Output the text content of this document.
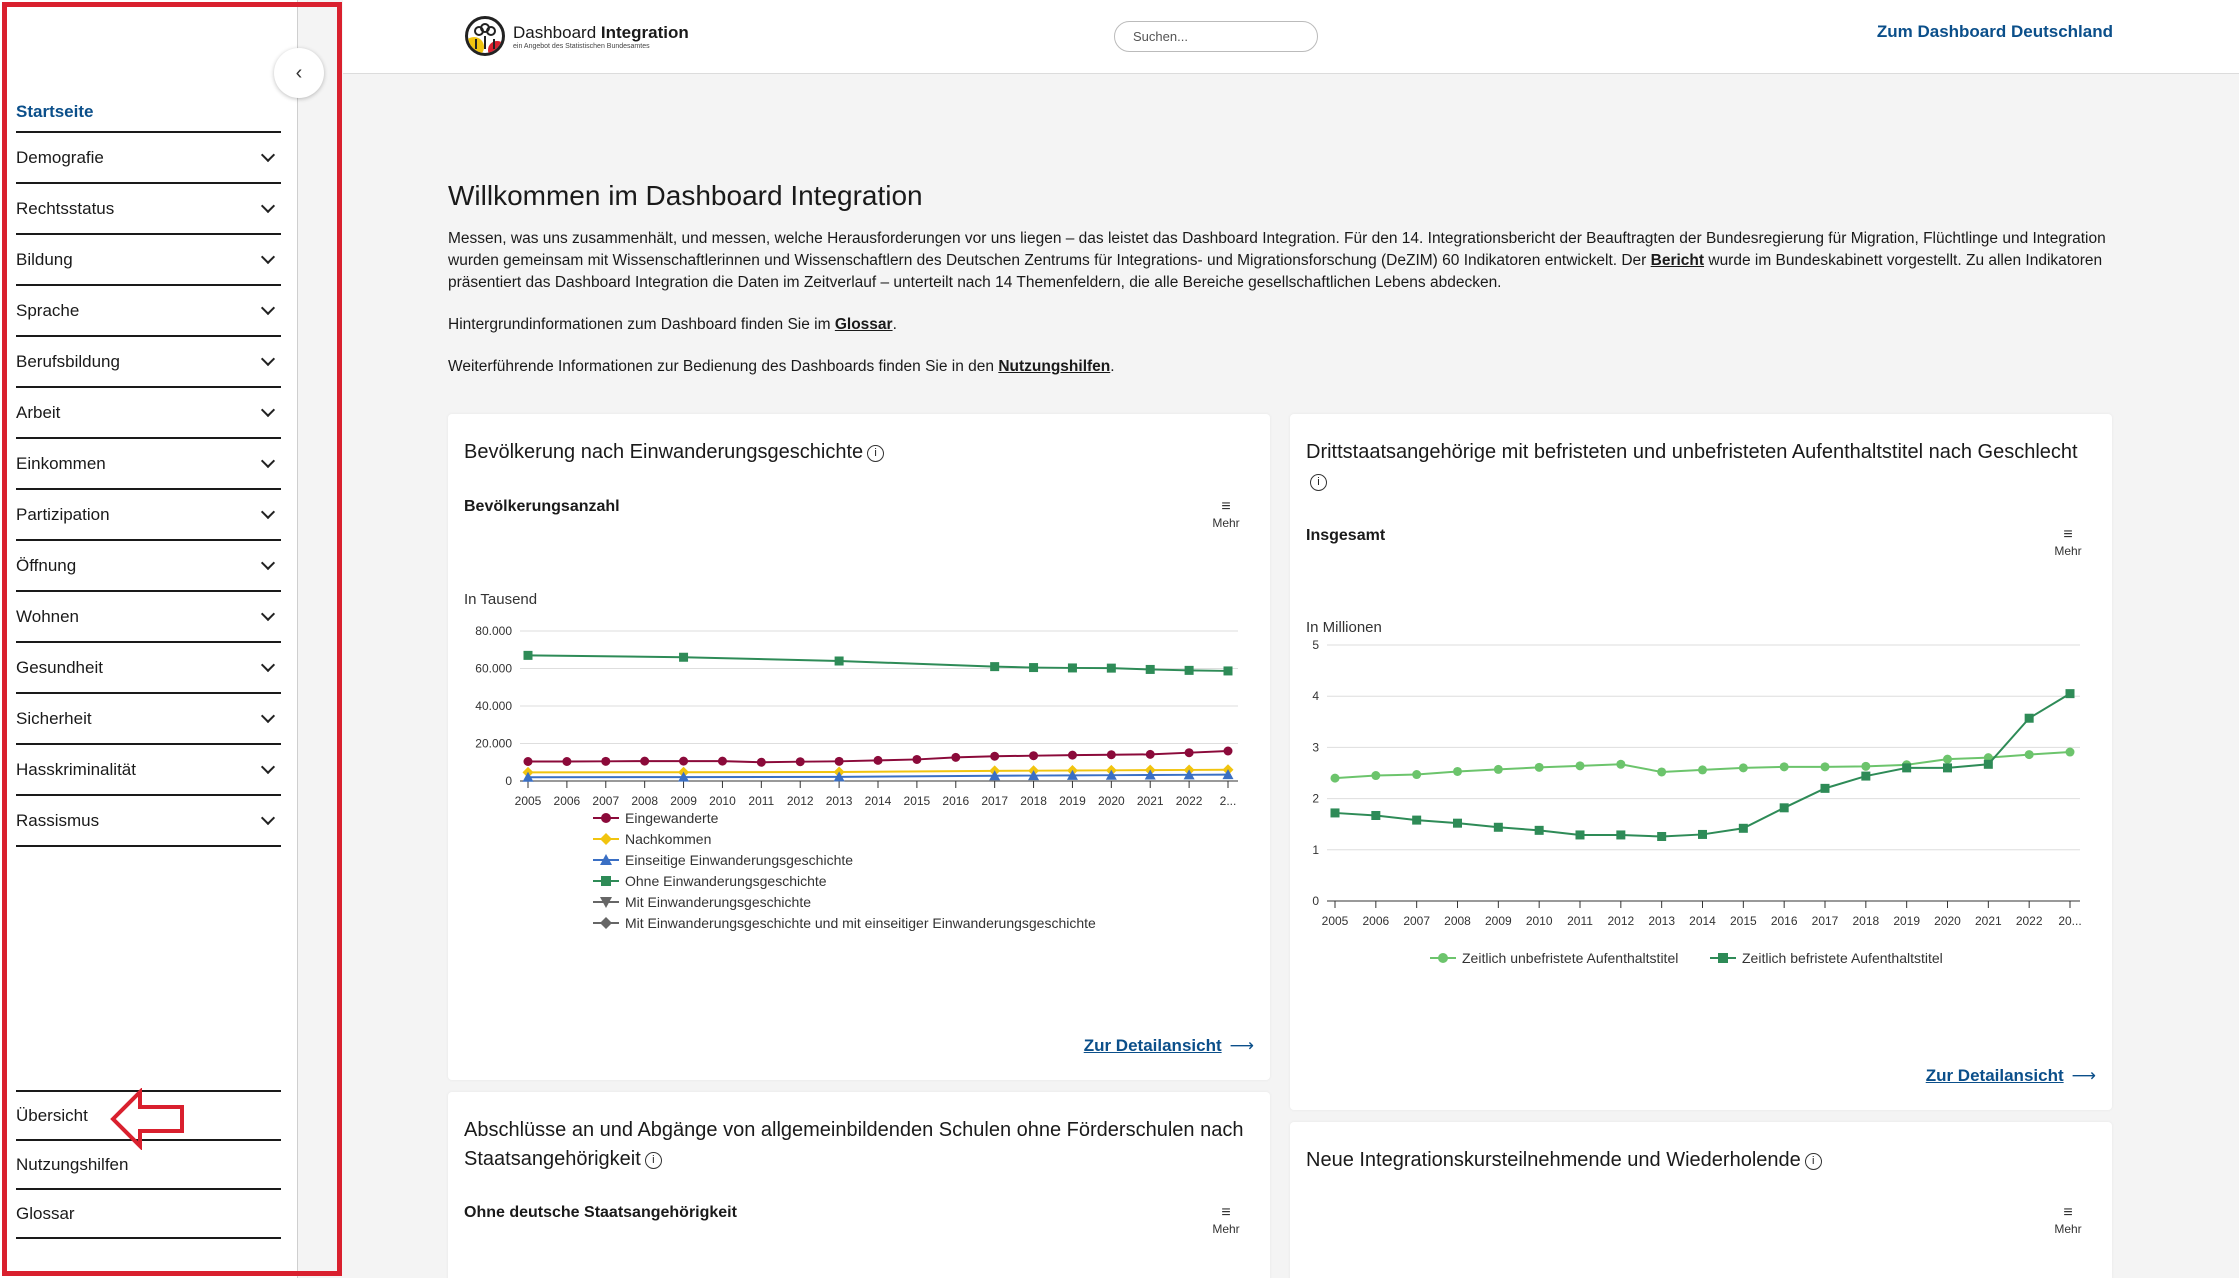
Startseite
Demografie
Rechtsstatus
Bildung
Sprache
Berufsbildung
Arbeit
Einkommen
Partizipation
Öffnung
Wohnen
Gesundheit
Sicherheit
Hasskriminalität
Rassismus
Übersicht
Nutzungshilfen
Glossar
‹
Dashboard Integration
ein Angebot des Statistischen Bundesamtes
Suchen...	Zum Dashboard Deutschland
Willkommen im Dashboard Integration

Messen, was uns zusammenhält, und messen, welche Herausforderungen vor uns liegen – das leistet das Dashboard Integration. Für den 14. Integrationsbericht der Beauftragten der Bundesregierung für Migration, Flüchtlinge und Integration wurden gemeinsam mit Wissenschaftlerinnen und Wissenschaftlern des Deutschen Zentrums für Integrations- und Migrationsforschung (DeZIM) 60 Indikatoren entwickelt. Der Bericht wurde im Bundeskabinett vorgestellt. Zu allen Indikatoren präsentiert das Dashboard Integration die Daten im Zeitverlauf – unterteilt nach 14 Themenfeldern, die alle Bereiche gesellschaftlichen Lebens abdecken.

Hintergrundinformationen zum Dashboard finden Sie im Glossar.

Weiterführende Informationen zur Bedienung des Dashboards finden Sie in den Nutzungshilfen.

Bevölkerung nach Einwanderungsgeschichte i
Bevölkerungsanzahl	≡
Mehr
In Tausend
80.000
60.000
40.000
20.000
0
2005 2006 2007 2008 2009 2010 2011 2012 2013 2014 2015 2016 2017 2018 2019 2020 2021 2022 2...
Eingewanderte
Nachkommen
Einseitige Einwanderungsgeschichte
Ohne Einwanderungsgeschichte
Mit Einwanderungsgeschichte
Mit Einwanderungsgeschichte und mit einseitiger Einwanderungsgeschichte
Zur Detailansicht ⟶
Drittstaatsangehörige mit befristeten und unbefristeten Aufenthaltstitel nach Geschlechti
Insgesamt	≡
Mehr
In Millionen
5
4
3
2
1
0
2005 2006 2007 2008 2009 2010 2011 2012 2013 2014 2015 2016 2017 2018 2019 2020 2021 2022 20...
Zeitlich unbefristete Aufenthaltstitel	Zeitlich befristete Aufenthaltstitel
Zur Detailansicht ⟶
Abschlüsse an und Abgänge von allgemeinbildenden Schulen ohne Förderschulen nach Staatsangehörigkeit i
Ohne deutsche Staatsangehörigkeit	≡
Mehr
Neue Integrationskursteilnehmende und Wiederholende i
≡
Mehr
